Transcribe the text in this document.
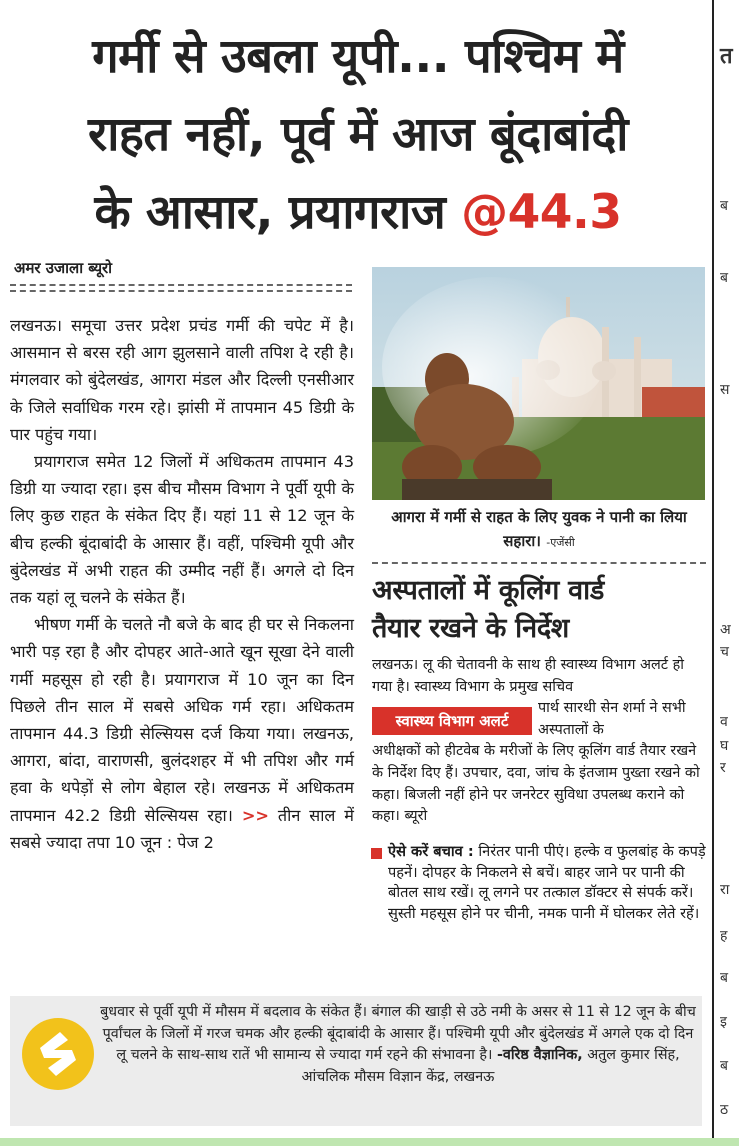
गर्मी से उबला यूपी... पश्चिम में
राहत नहीं, पूर्व में आज बूंदाबांदी
के आसार, प्रयागराज @44.3
त
ब
ब
स
अ
च
व
घ
र
रा
ह
ब
इ
ब
ठ
अमर उजाला ब्यूरो

लखनऊ। समूचा उत्तर प्रदेश प्रचंड गर्मी की चपेट में है। आसमान से बरस रही आग झुलसाने वाली तपिश दे रही है। मंगलवार को बुंदेलखंड, आगरा मंडल और दिल्ली एनसीआर के जिले सर्वाधिक गरम रहे। झांसी में तापमान 45 डिग्री के पार पहुंच गया।

प्रयागराज समेत 12 जिलों में अधिकतम तापमान 43 डिग्री या ज्यादा रहा। इस बीच मौसम विभाग ने पूर्वी यूपी के लिए कुछ राहत के संकेत दिए हैं। यहां 11 से 12 जून के बीच हल्की बूंदाबांदी के आसार हैं। वहीं, पश्चिमी यूपी और बुंदेलखंड में अभी राहत की उम्मीद नहीं हैं। अगले दो दिन तक यहां लू चलने के संकेत हैं।

भीषण गर्मी के चलते नौ बजे के बाद ही घर से निकलना भारी पड़ रहा है और दोपहर आते-आते खून सूखा देने वाली गर्मी महसूस हो रही है। प्रयागराज में 10 जून का दिन पिछले तीन साल में सबसे अधिक गर्म रहा। अधिकतम तापमान 44.3 डिग्री सेल्सियस दर्ज किया गया। लखनऊ, आगरा, बांदा, वाराणसी, बुलंदशहर में भी तपिश और गर्म हवा के थपेड़ों से लोग बेहाल रहे। लखनऊ में अधिकतम तापमान 42.2 डिग्री सेल्सियस रहा। >> तीन साल में सबसे ज्यादा तपा 10 जून : पेज 2

आगरा में गर्मी से राहत के लिए युवक ने पानी का लिया सहारा। -एजेंसी
अस्पतालों में कूलिंग वार्ड
तैयार रखने के निर्देश

लखनऊ। लू की चेतावनी के साथ ही स्वास्थ्य विभाग अलर्ट हो गया है। स्वास्थ्य विभाग के प्रमुख सचिव

पार्थ सारथी सेन शर्मा ने सभी अस्पतालों के

अधीक्षकों को हीटवेब के मरीजों के लिए कूलिंग वार्ड तैयार रखने के निर्देश दिए हैं। उपचार, दवा, जांच के इंतजाम पुख्ता रखने को कहा। बिजली नहीं होने पर जनरेटर सुविधा उपलब्ध कराने को कहा। ब्यूरो

स्वास्थ्य विभाग अलर्ट
ऐसे करें बचाव : निरंतर पानी पीएं। हल्के व फुलबांह के कपड़े पहनें। दोपहर के निकलने से बचें। बाहर जाने पर पानी की बोतल साथ रखें। लू लगने पर तत्काल डॉक्टर से संपर्क करें। सुस्ती महसूस होने पर चीनी, नमक पानी में घोलकर लेते रहें।
बुधवार से पूर्वी यूपी में मौसम में बदलाव के संकेत हैं। बंगाल की खाड़ी से उठे नमी के असर से 11 से 12 जून के बीच पूर्वांचल के जिलों में गरज चमक और हल्की बूंदाबांदी के आसार हैं। पश्चिमी यूपी और बुंदेलखंड में अगले एक दो दिन लू चलने के साथ-साथ रातें भी सामान्य से ज्यादा गर्म रहने की संभावना है। -वरिष्ठ वैज्ञानिक, अतुल कुमार सिंह, आंचलिक मौसम विज्ञान केंद्र, लखनऊ
